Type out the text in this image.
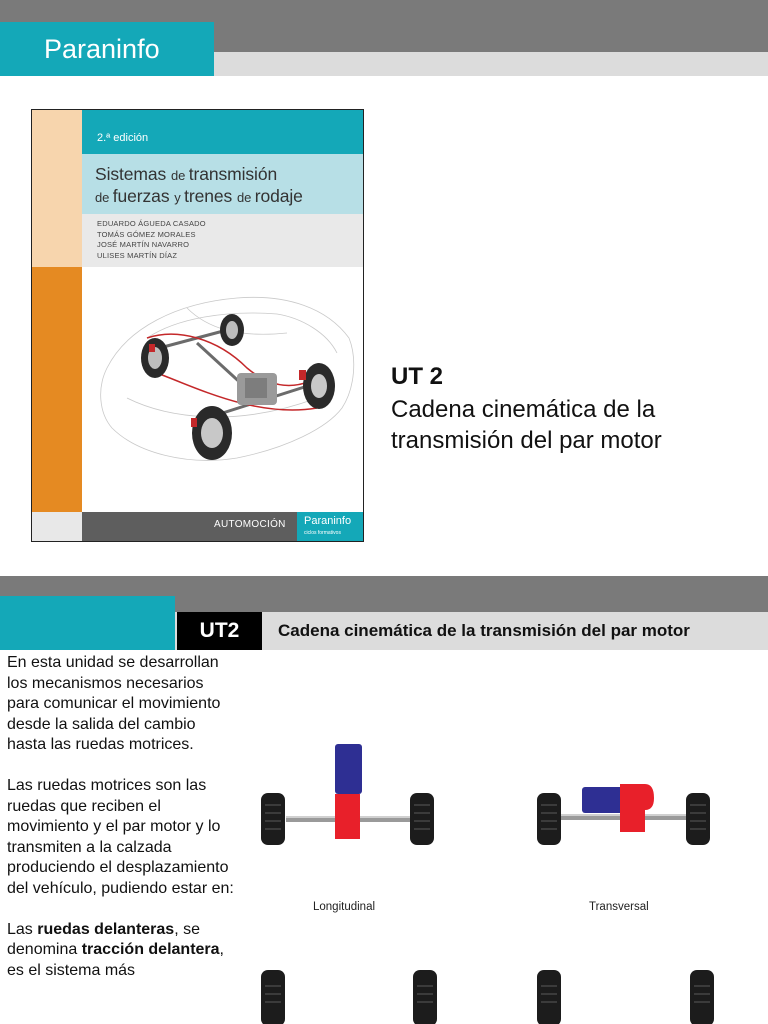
Paraninfo
2.ª edición
Sistemas de transmisión
de fuerzas y trenes de rodaje
EDUARDO ÁGUEDA CASADO
TOMÁS GÓMEZ MORALES
JOSÉ MARTÍN NAVARRO
ULISES MARTÍN DÍAZ
AUTOMOCIÓN	Paraninfo
ciclos formativos
UT 2
Cadena cinemática de la transmisión del par motor
UT2	Cadena cinemática de la transmisión del par motor

En esta unidad se desarrollan los mecanismos necesarios para comunicar el movimiento desde la salida del cambio hasta las ruedas motrices.

Las ruedas motrices son las ruedas que reciben el movimiento y el par motor y lo transmiten a la calzada produciendo el desplazamiento del vehículo, pudiendo estar en:

Las ruedas delanteras, se denomina tracción delantera, es el sistema más

Longitudinal	Transversal
